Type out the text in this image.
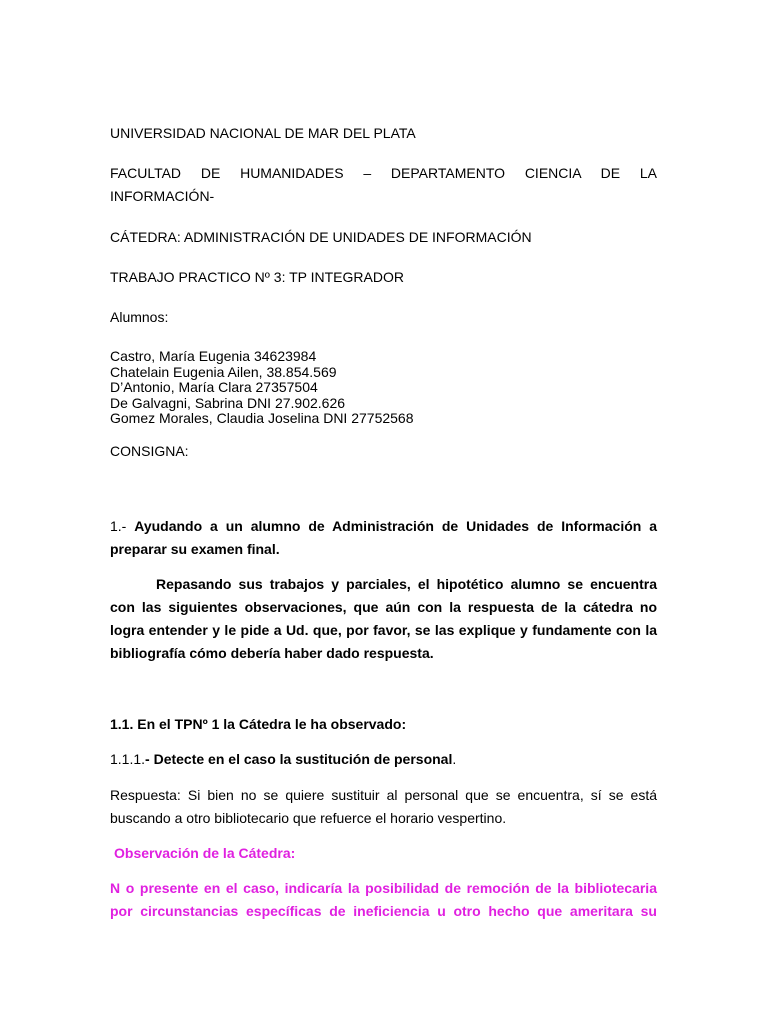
UNIVERSIDAD NACIONAL DE MAR DEL PLATA

FACULTAD DE HUMANIDADES – DEPARTAMENTO CIENCIA DE LA
INFORMACIÓN-

CÁTEDRA: ADMINISTRACIÓN DE UNIDADES DE INFORMACIÓN

TRABAJO PRACTICO Nº 3: TP INTEGRADOR

Alumnos:

Castro, María Eugenia 34623984
Chatelain Eugenia Ailen, 38.854.569
D’Antonio, María Clara 27357504
De Galvagni, Sabrina DNI 27.902.626
Gomez Morales, Claudia Joselina DNI 27752568

CONSIGNA:

1.- Ayudando a un alumno de Administración de Unidades de Información a
preparar su examen final.
Repasando sus trabajos y parciales, el hipotético alumno se encuentra
con las siguientes observaciones, que aún con la respuesta de la cátedra no
logra entender y le pide a Ud. que, por favor, se las explique y fundamente con la
bibliografía cómo debería haber dado respuesta.

1.1. En el TPNº 1 la Cátedra le ha observado:

1.1.1.- Detecte en el caso la sustitución de personal.

Respuesta: Si bien no se quiere sustituir al personal que se encuentra, sí se está
buscando a otro bibliotecario que refuerce el horario vespertino.

Observación de la Cátedra:

N o presente en el caso, indicaría la posibilidad de remoción de la bibliotecaria
por circunstancias específicas de ineficiencia u otro hecho que ameritara su
